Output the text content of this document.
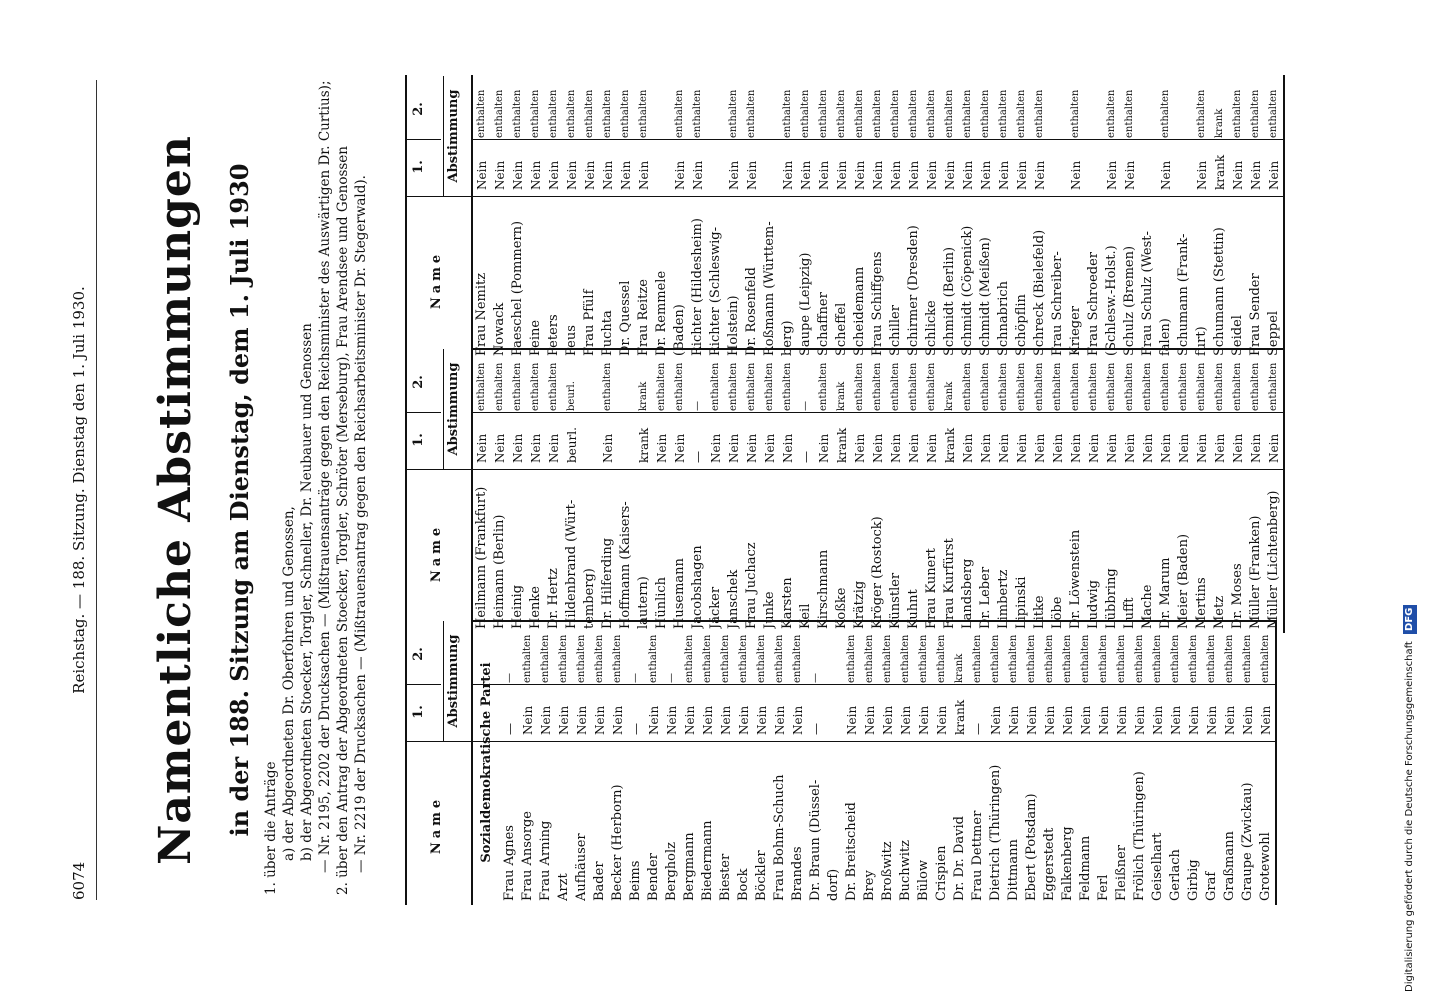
6074
Reichstag. — 188. Sitzung. Dienstag den 1. Juli 1930. Namentliche Abstimmungen in der 188. Sitzung am Dienstag, dem 1. Juli 1930 1. über die Anträge a) der Abgeordneten Dr. Oberfohren und Genossen, b) der Abgeordneten Stoecker, Torgler, Schneller, Dr. Neubauer und Genossen — Nr. 2195, 2202 der Drucksachen — (Mißtrauensanträge gegen den Reichsminister des Auswärtigen Dr. Curtius); 2. über den Antrag der Abgeordneten Stoecker, Torgler, Schröter (Merseburg), Frau Arendsee und Genossen — Nr. 2219 der Drucksachen — (Mißtrauensantrag gegen den Reichsarbeitsminister Dr. Stegerwald).	Name
1.
2. Abstimmung	Sozialdemokratische Partei
Frau Agnes
—
—
Frau Ansorge
Nein
enthalten
Frau Arning
Nein
enthalten
Arzt
Nein
enthalten
Aufhäuser
Nein
enthalten
Bader
Nein
enthalten
Becker (Herborn)
Nein
enthalten
Beims
—
—
Bender
Nein
enthalten
Bergholz
Nein
—
Bergmann
Nein
enthalten
Biedermann
Nein
enthalten
Biester
Nein
enthalten
Bock
Nein
enthalten
Böckler
Nein
enthalten
Frau Bohm-Schuch
Nein
enthalten
Brandes
Nein
enthalten
Dr. Braun (Düssel-
—
—
dorf) Dr. Breitscheid
Nein
enthalten
Brey
Nein
enthalten
Broßwitz
Nein
enthalten
Buchwitz
Nein
enthalten
Bülow
Nein
enthalten
Crispien
Nein
enthalten
Dr. Dr. David
krank
krank
Frau Dettmer
—
enthalten
Dietrich (Thüringen)
Nein
enthalten
Dittmann
Nein
enthalten
Ebert (Potsdam)
Nein
enthalten
Eggerstedt
Nein
enthalten
Falkenberg
Nein
enthalten
Feldmann
Nein
enthalten
Ferl
Nein
enthalten
Fleißner
Nein
enthalten
Frölich (Thüringen)
Nein
enthalten
Geiselhart
Nein
enthalten
Gerlach
Nein
enthalten
Girbig
Nein
enthalten
Graf
Nein
enthalten
Graßmann
Nein
enthalten
Graupe (Zwickau)
Nein
enthalten
Grotewohl
Nein
enthalten
Name
1.
2. Abstimmung
Heilmann (Frankfurt)
Nein
enthalten
Heimann (Berlin)
Nein
enthalten
Heinig
Nein
enthalten
Henke
Nein
enthalten
Dr. Hertz
Nein
enthalten
Hildenbrand (Würt-
beurl.
beurl.
temberg) Dr. Hilferding
Nein
enthalten
Hoffmann (Kaisers- lautern)
krank
krank
Hünlich
Nein
enthalten
Husemann
Nein
enthalten
Jacobshagen
—
—
Jäcker
Nein
enthalten
Janschek
Nein
enthalten
Frau Juchacz
Nein
enthalten
Junke
Nein
enthalten
Karsten
Nein
enthalten
Keil
—
—
Kirschmann
Nein
enthalten
Koßke
krank
krank
Krätzig
Nein
enthalten
Kröger (Rostock)
Nein
enthalten
Künstler
Nein
enthalten
Kuhnt
Nein
enthalten
Frau Kunert
Nein
enthalten
Frau Kurfürst
krank
krank
Landsberg
Nein
enthalten
Dr. Leber
Nein
enthalten
Limbertz
Nein
enthalten
Lipinski
Nein
enthalten
Litke
Nein
enthalten
Löbe
Nein
enthalten
Dr. Löwenstein
Nein
enthalten
Ludwig
Nein
enthalten
Lübbring
Nein
enthalten
Lufft
Nein
enthalten
Mache
Nein
enthalten
Dr. Marum
Nein
enthalten
Meier (Baden)
Nein
enthalten
Mertins
Nein
enthalten
Metz
Nein
enthalten
Dr. Moses
Nein
enthalten
Müller (Franken)
Nein
enthalten
Müller (Lichtenberg)
Nein
enthalten
Name
1.
2. Abstimmung
Frau Nemitz
Nein
enthalten
Nowack
Nein
enthalten
Paeschel (Pommern)
Nein
enthalten
Peine
Nein
enthalten
Peters
Nein
enthalten
Peus
Nein
enthalten
Frau Pfülf
Nein
enthalten
Puchta
Nein
enthalten
Dr. Quessel
Nein
enthalten
Frau Reitze
Nein
enthalten
Dr. Remmele (Baden)
Nein
enthalten
Richter (Hildesheim)
Nein
enthalten
Richter (Schleswig- Holstein)
Nein
enthalten
Dr. Rosenfeld
Nein
enthalten
Roßmann (Württem- berg)
Nein
enthalten
Saupe (Leipzig)
Nein
enthalten
Schaffner
Nein
enthalten
Scheffel
Nein
enthalten
Scheidemann
Nein
enthalten
Frau Schiffgens
Nein
enthalten
Schiller
Nein
enthalten
Schirmer (Dresden)
Nein
enthalten
Schlicke
Nein
enthalten
Schmidt (Berlin)
Nein
enthalten
Schmidt (Cöpenick)
Nein
enthalten
Schmidt (Meißen)
Nein
enthalten
Schnabrich
Nein
enthalten
Schöpflin
Nein
enthalten
Schreck (Bielefeld)
Nein
enthalten
Frau Schreiber- Krieger
Nein
enthalten
Frau Schroeder (Schlesw.-Holst.)
Nein
enthalten
Schulz (Bremen)
Nein
enthalten
Frau Schulz (West- falen)
Nein
enthalten
Schumann (Frank- furt)
Nein
enthalten
Schumann (Stettin)
krank
krank
Seidel
Nein
enthalten
Frau Sender
Nein
enthalten
Seppel
Nein
enthalten
Digitalisierung gefördert durch die Deutsche Forschungsgemeinschaft DFG
